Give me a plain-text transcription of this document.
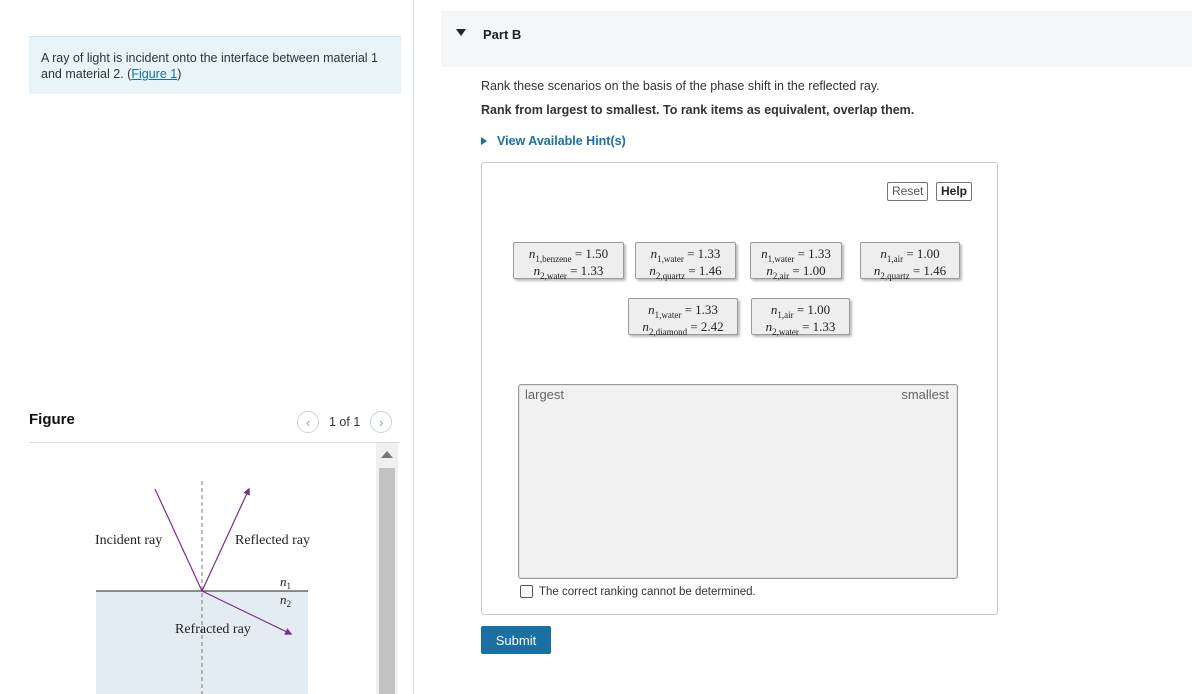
A ray of light is incident onto the interface between material 1 and material 2. (Figure 1)
Figure	‹	1 of 1	›
Incident ray	Reflected ray
Refracted ray
$n_1$
$n_2$
Part B
Rank these scenarios on the basis of the phase shift in the reflected ray.
Rank from largest to smallest. To rank items as equivalent, overlap them.
View Available Hint(s)
Reset	Help
$n_{1,benzene} = 1.50$
$n_{2,water} = 1.33$
$n_{1,water} = 1.33$
$n_{2,quartz} = 1.46$
$n_{1,water} = 1.33$
$n_{2,air} = 1.00$
$n_{1,air} = 1.00$
$n_{2,quartz} = 1.46$
$n_{1,water} = 1.33$
$n_{2,diamond} = 2.42$
$n_{1,air} = 1.00$
$n_{2,water} = 1.33$
largest	smallest
The correct ranking cannot be determined.
Submit
